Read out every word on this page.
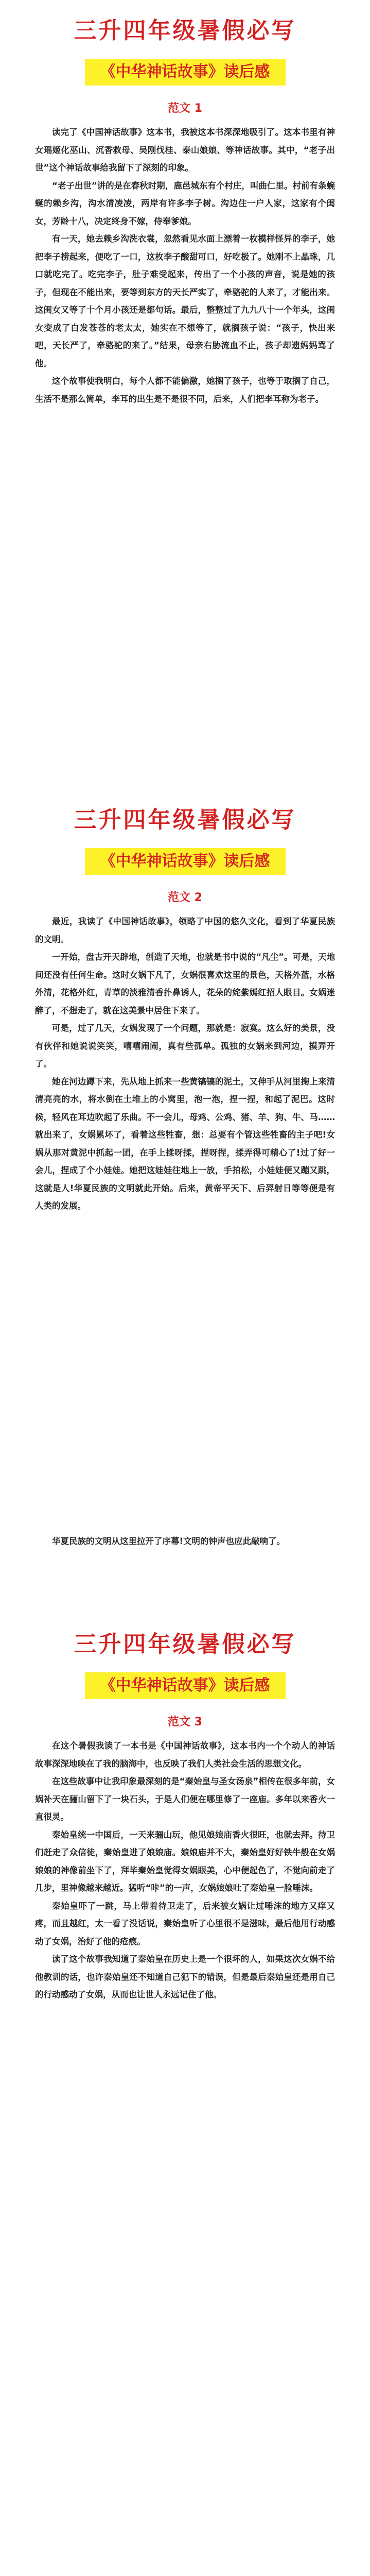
三升四年级暑假必写
《中华神话故事》读后感
范文 1

读完了《中国神话故事》这本书，我被这本书深深地吸引了。这本书里有神女瑶姬化巫山、沉香救母、吴刚伐桂、泰山娘娘、等神话故事。其中，“老子出世”这个神话故事给我留下了深刻的印象。

“老子出世”讲的是在春秋时期，鹿邑城东有个村庄，叫曲仁里。村前有条蜿蜒的赖乡沟，沟水清凌凌，两岸有许多李子树。沟边住一户人家，这家有个闺女，芳龄十八，决定终身不嫁，侍奉爹娘。

有一天，她去赖乡沟洗衣裳，忽然看见水面上漂着一枚模样怪异的李子，她把李子捞起来，便吃了一口，这枚李子酸甜可口，好吃极了。她刚不上晶珠，几口就吃完了。吃完李子，肚子难受起来，传出了一个小孩的声音，说是她的孩子，但现在不能出来，要等到东方的天长严实了，牵骆驼的人来了，才能出来。这闺女又等了十个月小孩还是都句话。最后，整整过了九九八十一个年头，这闺女变成了白发苍苍的老太太，她实在不想等了，就搁孩子说：“孩子，快出来吧，天长严了，牵骆驼的来了。”结果，母亲右胁流血不止，孩子却遗妈妈骂了他。

这个故事使我明白，每个人都不能偏激，她搁了孩子，也等于取搁了自己，生活不是那么简单，李耳的出生是不是很不同，后来，人们把李耳称为老子。

三升四年级暑假必写
《中华神话故事》读后感
范文 2

最近，我读了《中国神话故事》，领略了中国的悠久文化，看到了华夏民族的文明。

一开始，盘古开天辟地，创造了天地，也就是书中说的“凡尘”。可是，天地间还没有任何生命。这时女娲下凡了，女娲很喜欢这里的景色，天格外蓝，水格外清，花格外红，青草的淡雅清香扑鼻诱人，花朵的姹紫嫣红招人眼目。女娲迷醉了，不想走了，就在这美景中居住下来了。

可是，过了几天，女娲发现了一个问题，那就是：寂寞。这么好的美景，没有伙伴和她说说笑笑，嘻嘻闹闹，真有些孤单。孤独的女娲来到河边，摸弄开了。

她在河边蹲下来，先从地上抓来一些黄镐镐的泥土，又伸手从河里掬上来清清亮亮的水，将水倒在土堆上的小窝里，泡一泡，捏一捏，和起了泥巴。这时候，轻风在耳边吹起了乐曲。不一会儿，母鸡、公鸡、猪、羊、狗、牛、马……就出来了，女娲累坏了，看着这些牲畜，想：总要有个管这些牲畜的主子吧!女娲从那对黄泥中抓起一团，在手上揉呀揉，捏呀捏，揉弄得可精心了!过了好一会儿，捏成了个小娃娃。她把这娃娃往地上一放，手拍松，小娃娃便又蹦又跳，这就是人!华夏民族的文明就此开始。后来，黄帝平天下、后羿射日等等便是有人类的发展。

华夏民族的文明从这里拉开了序幕!文明的钟声也应此敲响了。

三升四年级暑假必写
《中华神话故事》读后感
范文 3

在这个暑假我读了一本书是《中国神话故事》，这本书内一个个动人的神话故事深深地映在了我的脑海中，也反映了我们人类社会生活的思想文化。

在这些故事中让我印象最深刻的是“秦始皇与圣女汤泉”相传在很多年前，女娲补天在骊山留下了一块石头，于是人们便在哪里修了一座庙。多年以来香火一直很灵。

秦始皇统一中国后，一天来骊山玩，他见娘娘庙香火很旺，也就去拜。待卫们赶走了众信徒，秦始皇进了娘娘庙。娘娘庙并不大，秦始皇好好铁牛般在女娲娘娘的神像前坐下了，拜毕秦始皇觉得女娲眼美，心中便起色了，不觉向前走了几步，里神像越来越近。猛听“咔”的一声，女娲娘娘吐了秦始皇一脸唾沫。

秦始皇吓了一跳，马上带着待卫走了，后来被女娲让过唾沫的地方又痒又疼，而且越红，太一看了没话说，秦始皇听了心里很不是滋味，最后他用行动感动了女娲，治好了他的疮痕。

读了这个故事我知道了秦始皇在历史上是一个很坏的人，如果这次女娲不给他教训的话，也许秦始皇还不知道自己犯下的错误，但是最后秦始皇还是用自己的行动感动了女娲，从而也让世人永远记住了他。
